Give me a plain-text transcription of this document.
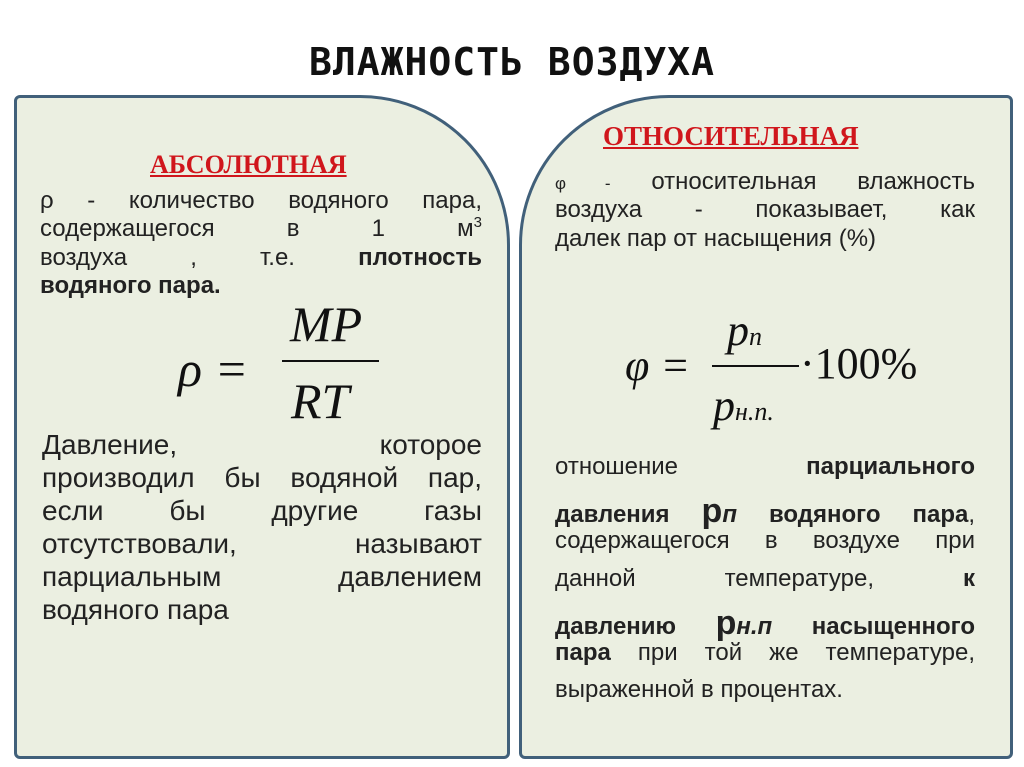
ВЛАЖНОСТЬ ВОЗДУХА
АБСОЛЮТНАЯ
ρ - количество водяного пара,
содержащегося в 1 $м^3$
воздуха , т.е.	плотность
водяного пара.
ρ =
MP
RT
Давление, которое
производил бы водяной пар,
если бы другие газы
отсутствовали, называют
парциальным давлением
водяного пара
ОТНОСИТЕЛЬНАЯ
φ - относительная влажность
воздуха - показывает, как
далек пар от насыщения (%)
φ =
pп
pн.п.
·100%
отношение	парциального
давления pп водяного пара,
содержащегося в воздухе при
данной температуре,	к
давлению pн.п насыщенного
пара при той же температуре,
выраженной в процентах.
